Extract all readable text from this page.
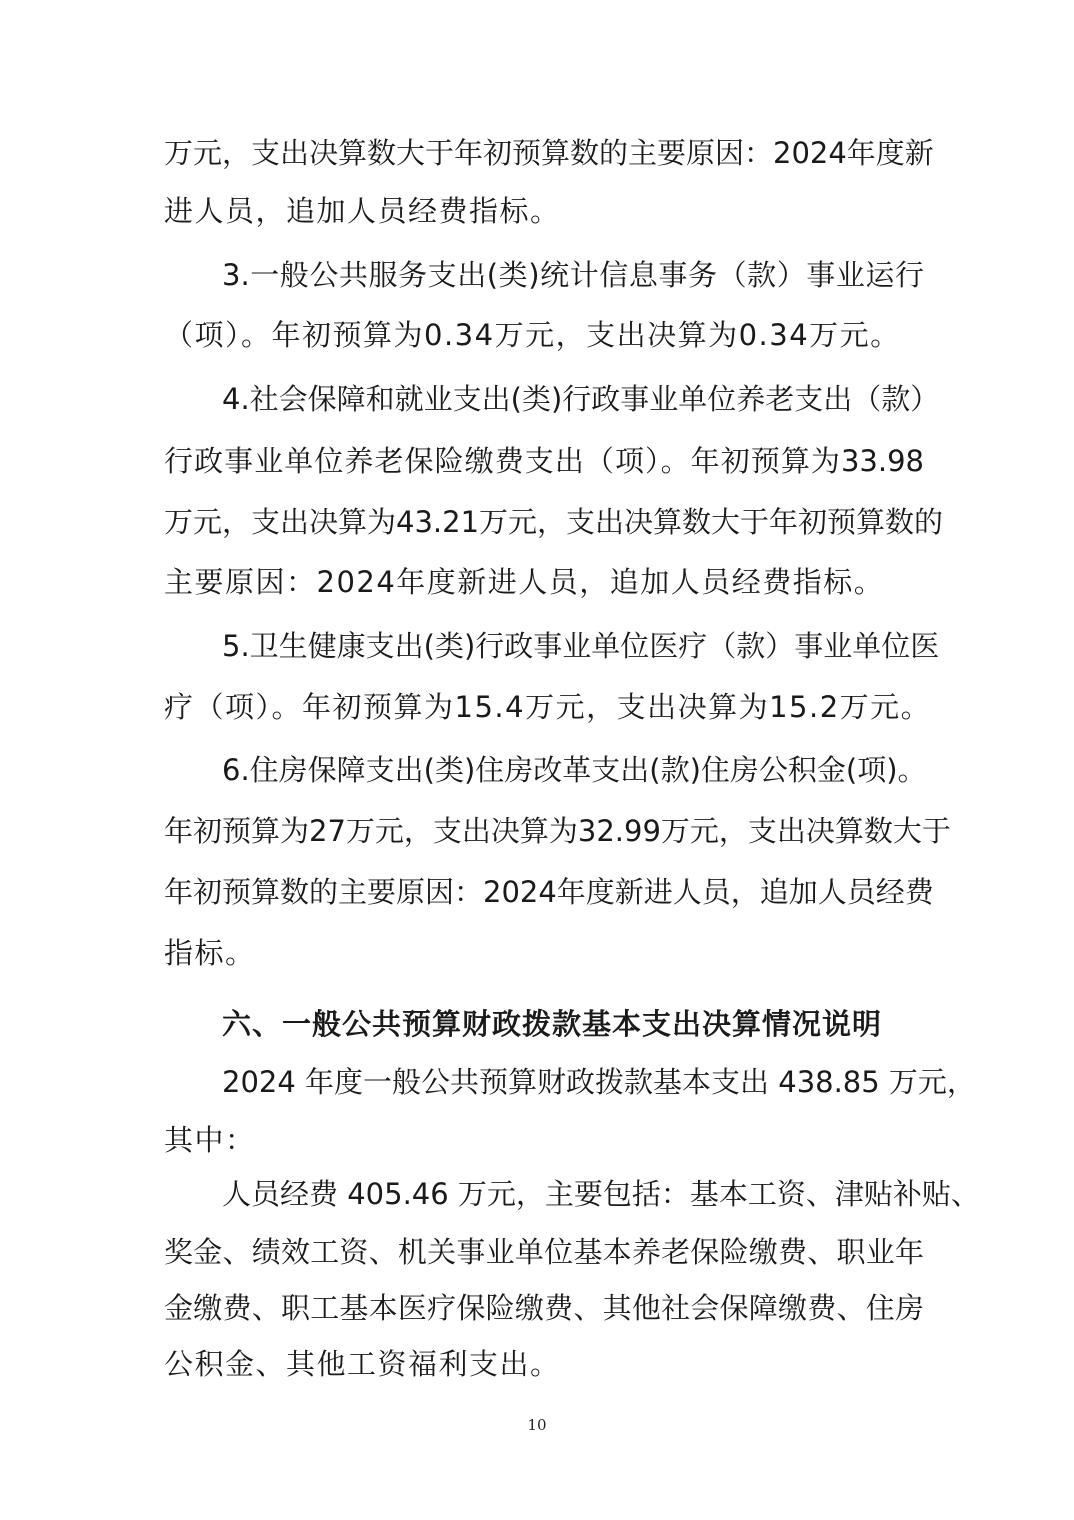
万元，支出决算数大于年初预算数的主要原因：2024年度新
进人员，追加人员经费指标。
3.一般公共服务支出(类)统计信息事务（款）事业运行
（项）。年初预算为0.34万元，支出决算为0.34万元。
4.社会保障和就业支出(类)行政事业单位养老支出（款）
行政事业单位养老保险缴费支出（项）。年初预算为33.98
万元，支出决算为43.21万元，支出决算数大于年初预算数的
主要原因：2024年度新进人员，追加人员经费指标。
5.卫生健康支出(类)行政事业单位医疗（款）事业单位医
疗（项）。年初预算为15.4万元，支出决算为15.2万元。
6.住房保障支出(类)住房改革支出(款)住房公积金(项)。
年初预算为27万元，支出决算为32.99万元，支出决算数大于
年初预算数的主要原因：2024年度新进人员，追加人员经费
指标。
六、一般公共预算财政拨款基本支出决算情况说明
2024 年度一般公共预算财政拨款基本支出 438.85 万元，
其中：
人员经费 405.46 万元，主要包括：基本工资、津贴补贴、
奖金、绩效工资、机关事业单位基本养老保险缴费、职业年
金缴费、职工基本医疗保险缴费、其他社会保障缴费、住房
公积金、其他工资福利支出。
10
